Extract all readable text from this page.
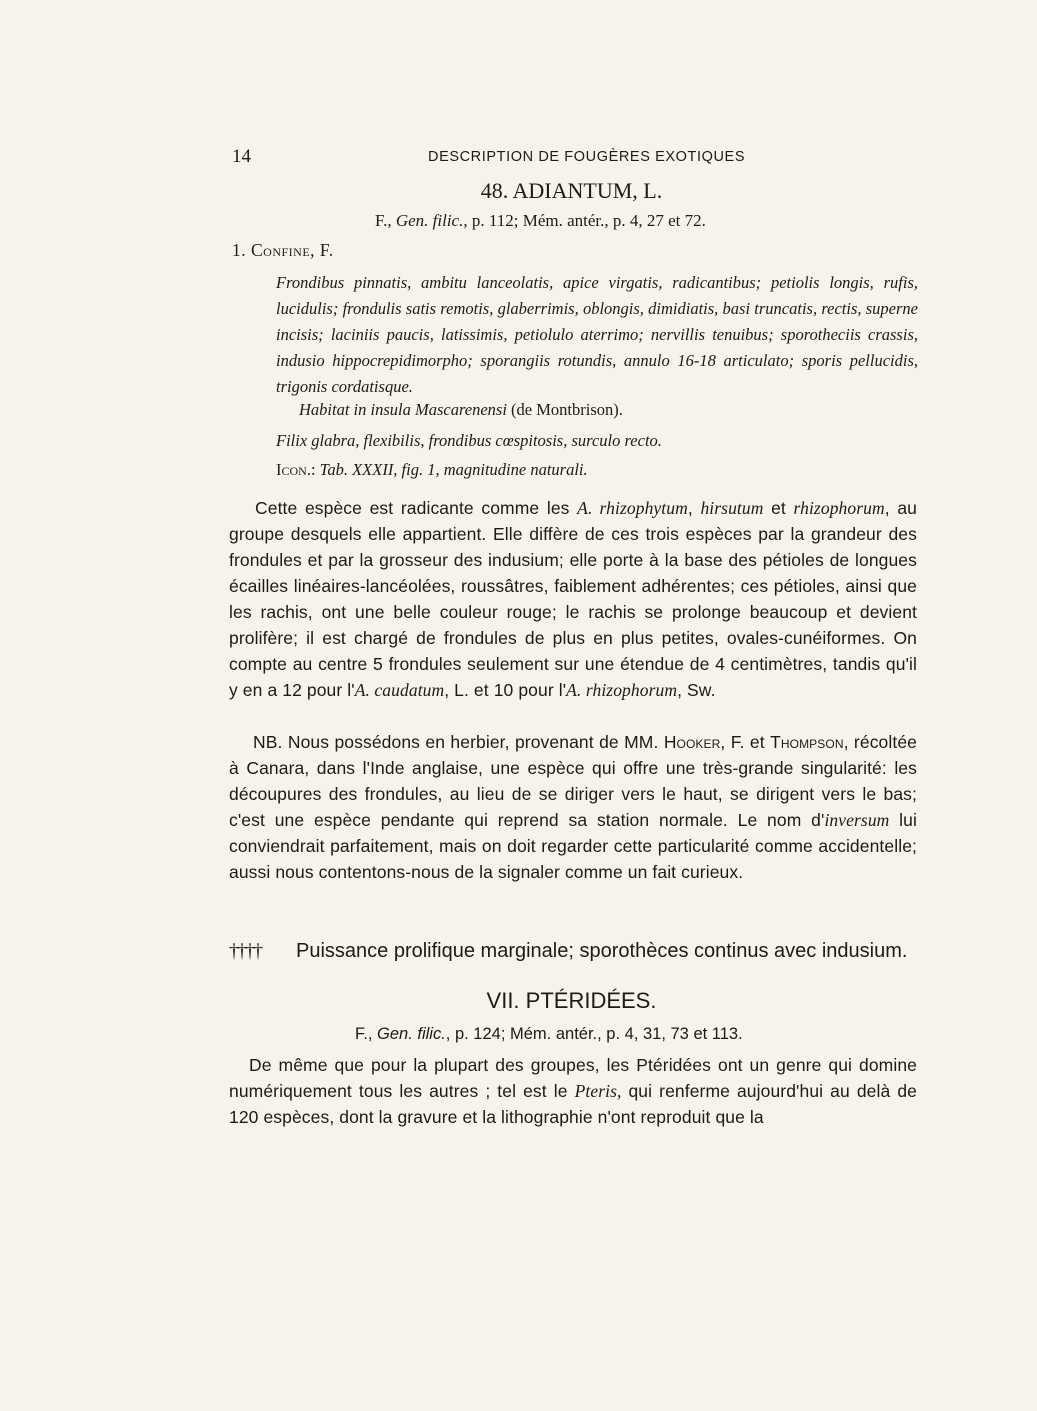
14	DESCRIPTION DE FOUGÈRES EXOTIQUES
48. ADIANTUM, L.
F., Gen. filic., p. 112; Mém. antér., p. 4, 27 et 72.
1. Confine, F.
Frondibus pinnatis, ambitu lanceolatis, apice virgatis, radicantibus; petiolis longis, rufis, lucidulis; frondulis satis remotis, glaberrimis, oblongis, dimidiatis, basi truncatis, rectis, superne incisis; laciniis paucis, latissimis, petiolulo aterrimo; nervillis tenuibus; sporotheciis crassis, indusio hippocrepidimorpho; sporangiis rotundis, annulo 16-18 articulato; sporis pellucidis, trigonis cordatisque.
Habitat in insula Mascarenensi (de Montbrison).
Filix glabra, flexibilis, frondibus cœspitosis, surculo recto.
Icon.: Tab. XXXII, fig. 1, magnitudine naturali.
Cette espèce est radicante comme les A. rhizophytum, hirsutum et rhizophorum, au groupe desquels elle appartient. Elle diffère de ces trois espèces par la grandeur des frondules et par la grosseur des indusium; elle porte à la base des pétioles de longues écailles linéaires-lancéolées, roussâtres, faiblement adhérentes; ces pétioles, ainsi que les rachis, ont une belle couleur rouge; le rachis se prolonge beaucoup et devient prolifère; il est chargé de frondules de plus en plus petites, ovales-cunéiformes. On compte au centre 5 frondules seulement sur une étendue de 4 centimètres, tandis qu'il y en a 12 pour l'A. caudatum, L. et 10 pour l'A. rhizophorum, Sw.
NB. Nous possédons en herbier, provenant de MM. Hooker, F. et Thompson, récoltée à Canara, dans l'Inde anglaise, une espèce qui offre une très-grande singularité: les découpures des frondules, au lieu de se diriger vers le haut, se dirigent vers le bas; c'est une espèce pendante qui reprend sa station normale. Le nom d'inversum lui conviendrait parfaitement, mais on doit regarder cette particularité comme accidentelle; aussi nous contentons-nous de la signaler comme un fait curieux.
†††† Puissance prolifique marginale; sporothèces continus avec indusium.
VII. PTÉRIDÉES.
F., Gen. filic., p. 124; Mém. antér., p. 4, 31, 73 et 113.
De même que pour la plupart des groupes, les Ptéridées ont un genre qui domine numériquement tous les autres ; tel est le Pteris, qui renferme aujourd'hui au delà de 120 espèces, dont la gravure et la lithographie n'ont reproduit que la
